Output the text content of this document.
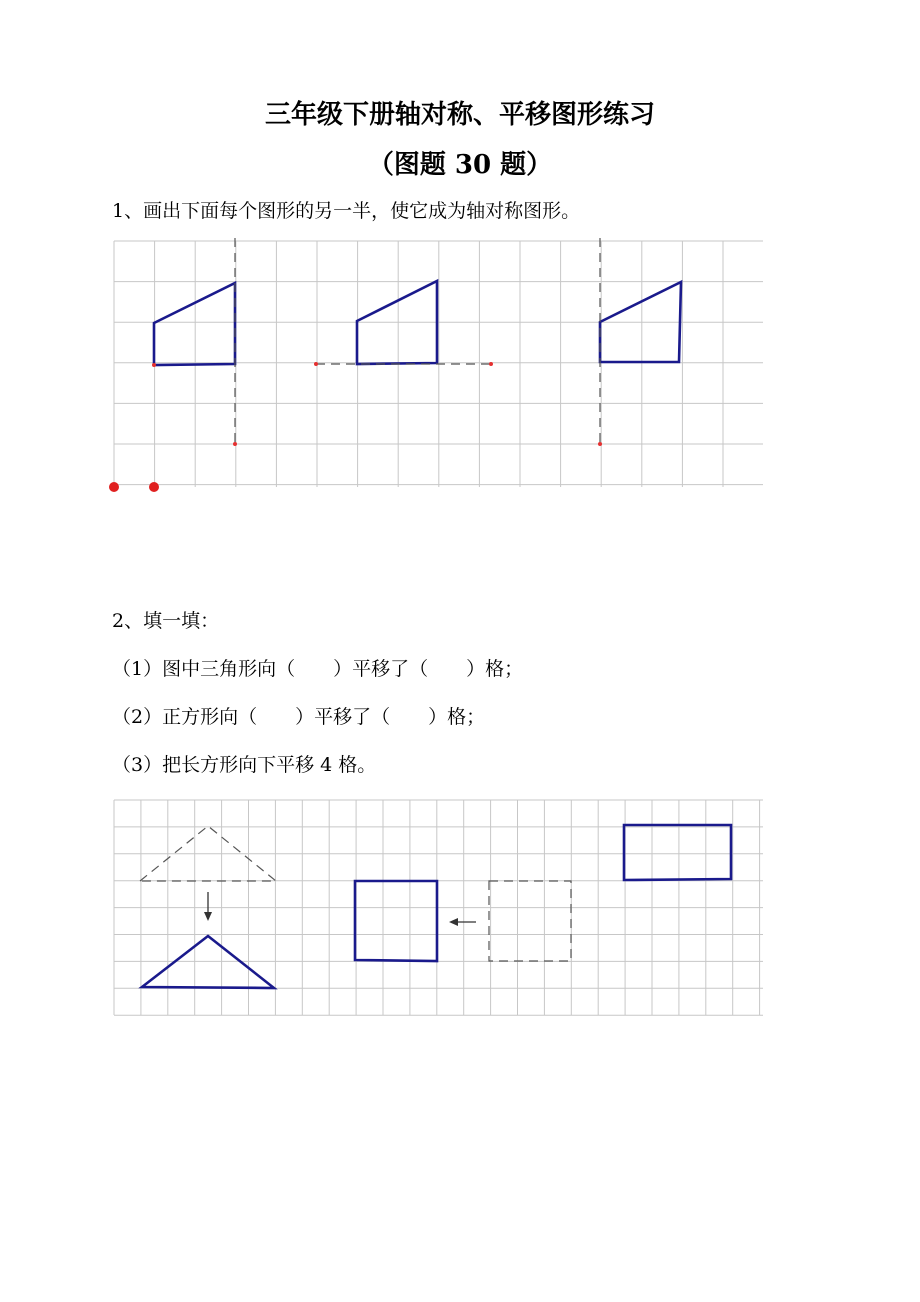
三年级下册轴对称、平移图形练习
（图题 30 题）
1、画出下面每个图形的另一半，使它成为轴对称图形。
2、填一填：
（1）图中三角形向（　　）平移了（　　）格；
（2）正方形向（　　）平移了（　　）格；
（3）把长方形向下平移 4 格。
